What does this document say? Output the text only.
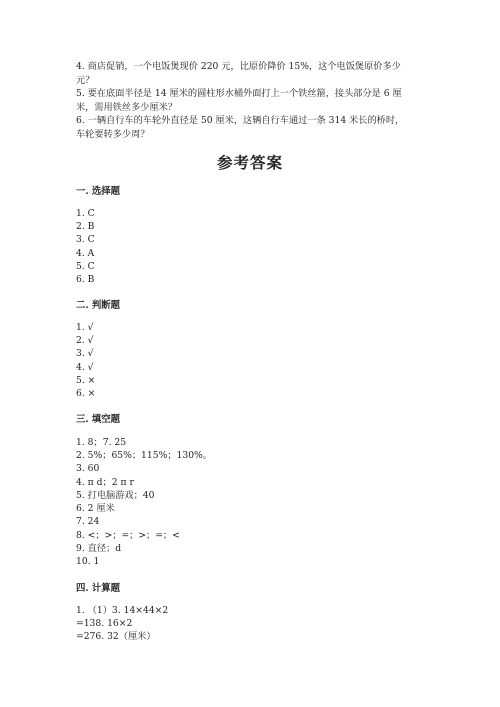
4. 商店促销，一个电饭煲现价 220 元，比原价降价 15%，这个电饭煲原价多少
元？
5. 要在底面半径是 14 厘米的圆柱形水桶外面打上一个铁丝箍，接头部分是 6 厘
米，需用铁丝多少厘米？
6. 一辆自行车的车轮外直径是 50 厘米，这辆自行车通过一条 314 米长的桥时，
车轮要转多少周？
参考答案
一. 选择题
1. C
2. B
3. C
4. A
5. C
6. B
二. 判断题
1. √
2. √
3. √
4. √
5. ×
6. ×
三. 填空题
1. 8；7. 25
2. 5%；65%；115%；130%。
3. 60
4. π d；2 π r
5. 打电脑游戏；40
6. 2 厘米
7. 24
8. <；>；=；>；=；<
9. 直径；d
10. 1
四. 计算题
1. （1）3. 14×44×2
=138. 16×2
=276. 32（厘米）
